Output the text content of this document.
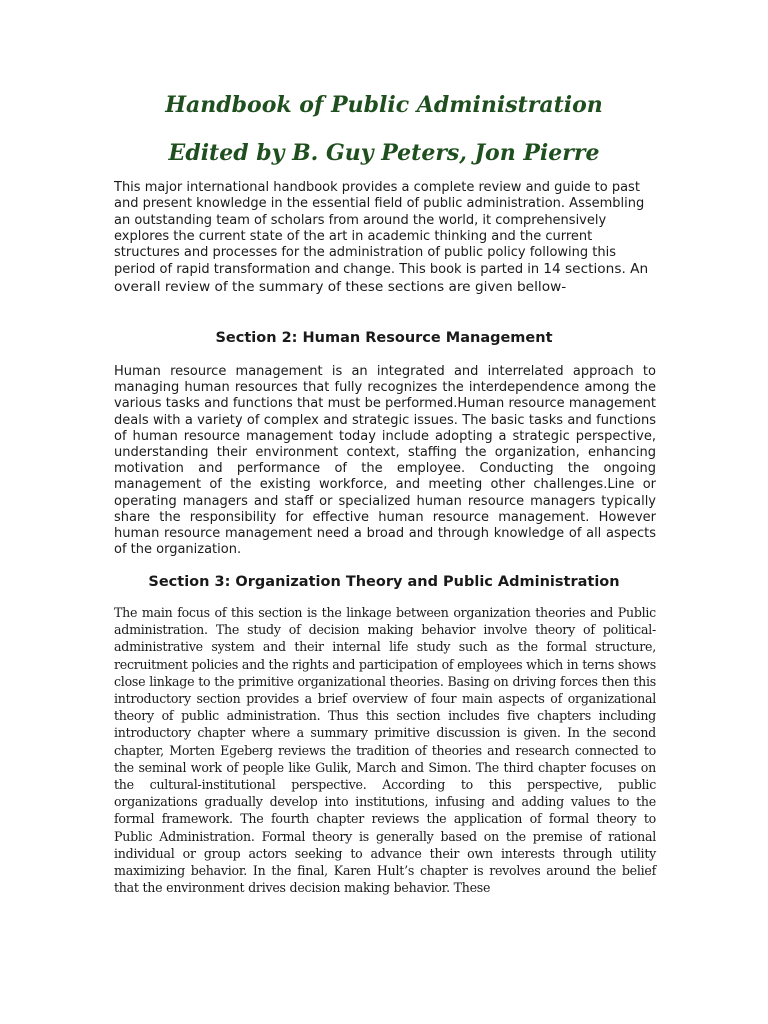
Handbook of Public Administration
Edited by B. Guy Peters, Jon Pierre
This major international handbook provides a complete review and guide to past and present knowledge in the essential field of public administration. Assembling an outstanding team of scholars from around the world, it comprehensively explores the current state of the art in academic thinking and the current structures and processes for the administration of public policy following this period of rapid transformation and change. This book is parted in 14 sections. An overall review of the summary of these sections are given bellow-
Section 2: Human Resource Management

Human resource management is an integrated and interrelated approach to managing human resources that fully recognizes the interdependence among the various tasks and functions that must be performed.Human resource management deals with a variety of complex and strategic issues. The basic tasks and functions of human resource management today include adopting a strategic perspective, understanding their environment context, staffing the organization, enhancing motivation and performance of the employee. Conducting the ongoing management of the existing workforce, and meeting other challenges.Line or operating managers and staff or specialized human resource managers typically share the responsibility for effective human resource management. However human resource management need a broad and through knowledge of all aspects of the organization.

Section 3: Organization Theory and Public Administration

The main focus of this section is the linkage between organization theories and Public administration. The study of decision making behavior involve theory of political-administrative system and their internal life study such as the formal structure, recruitment policies and the rights and participation of employees which in terns shows close linkage to the primitive organizational theories. Basing on driving forces then this introductory section provides a brief overview of four main aspects of organizational theory of public administration. Thus this section includes five chapters including introductory chapter where a summary primitive discussion is given. In the second chapter, Morten Egeberg reviews the tradition of theories and research connected to the seminal work of people like Gulik, March and Simon. The third chapter focuses on the cultural-institutional perspective. According to this perspective, public organizations gradually develop into institutions, infusing and adding values to the formal framework. The fourth chapter reviews the application of formal theory to Public Administration. Formal theory is generally based on the premise of rational individual or group actors seeking to advance their own interests through utility maximizing behavior. In the final, Karen Hult’s chapter is revolves around the belief that the environment drives decision making behavior. These
